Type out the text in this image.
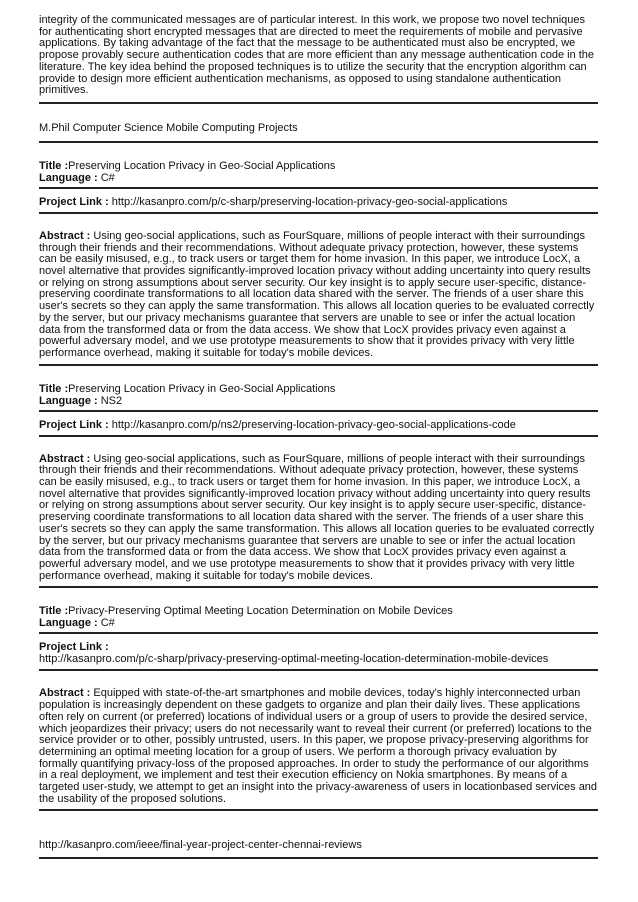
integrity of the communicated messages are of particular interest. In this work, we propose two novel techniques for authenticating short encrypted messages that are directed to meet the requirements of mobile and pervasive applications. By taking advantage of the fact that the message to be authenticated must also be encrypted, we propose provably secure authentication codes that are more efficient than any message authentication code in the literature. The key idea behind the proposed techniques is to utilize the security that the encryption algorithm can provide to design more efficient authentication mechanisms, as opposed to using standalone authentication primitives.

M.Phil Computer Science Mobile Computing Projects

Title :Preserving Location Privacy in Geo-Social Applications

Language : C#

Project Link : http://kasanpro.com/p/c-sharp/preserving-location-privacy-geo-social-applications

Abstract : Using geo-social applications, such as FourSquare, millions of people interact with their surroundings through their friends and their recommendations. Without adequate privacy protection, however, these systems can be easily misused, e.g., to track users or target them for home invasion. In this paper, we introduce LocX, a novel alternative that provides significantly-improved location privacy without adding uncertainty into query results or relying on strong assumptions about server security. Our key insight is to apply secure user-specific, distance-preserving coordinate transformations to all location data shared with the server. The friends of a user share this user's secrets so they can apply the same transformation. This allows all location queries to be evaluated correctly by the server, but our privacy mechanisms guarantee that servers are unable to see or infer the actual location data from the transformed data or from the data access. We show that LocX provides privacy even against a powerful adversary model, and we use prototype measurements to show that it provides privacy with very little performance overhead, making it suitable for today's mobile devices.

Title :Preserving Location Privacy in Geo-Social Applications

Language : NS2

Project Link : http://kasanpro.com/p/ns2/preserving-location-privacy-geo-social-applications-code

Abstract : Using geo-social applications, such as FourSquare, millions of people interact with their surroundings through their friends and their recommendations. Without adequate privacy protection, however, these systems can be easily misused, e.g., to track users or target them for home invasion. In this paper, we introduce LocX, a novel alternative that provides significantly-improved location privacy without adding uncertainty into query results or relying on strong assumptions about server security. Our key insight is to apply secure user-specific, distance-preserving coordinate transformations to all location data shared with the server. The friends of a user share this user's secrets so they can apply the same transformation. This allows all location queries to be evaluated correctly by the server, but our privacy mechanisms guarantee that servers are unable to see or infer the actual location data from the transformed data or from the data access. We show that LocX provides privacy even against a powerful adversary model, and we use prototype measurements to show that it provides privacy with very little performance overhead, making it suitable for today's mobile devices.

Title :Privacy-Preserving Optimal Meeting Location Determination on Mobile Devices

Language : C#

Project Link :

http://kasanpro.com/p/c-sharp/privacy-preserving-optimal-meeting-location-determination-mobile-devices

Abstract : Equipped with state-of-the-art smartphones and mobile devices, today's highly interconnected urban population is increasingly dependent on these gadgets to organize and plan their daily lives. These applications often rely on current (or preferred) locations of individual users or a group of users to provide the desired service, which jeopardizes their privacy; users do not necessarily want to reveal their current (or preferred) locations to the service provider or to other, possibly untrusted, users. In this paper, we propose privacy-preserving algorithms for determining an optimal meeting location for a group of users. We perform a thorough privacy evaluation by formally quantifying privacy-loss of the proposed approaches. In order to study the performance of our algorithms in a real deployment, we implement and test their execution efficiency on Nokia smartphones. By means of a targeted user-study, we attempt to get an insight into the privacy-awareness of users in locationbased services and the usability of the proposed solutions.

http://kasanpro.com/ieee/final-year-project-center-chennai-reviews
